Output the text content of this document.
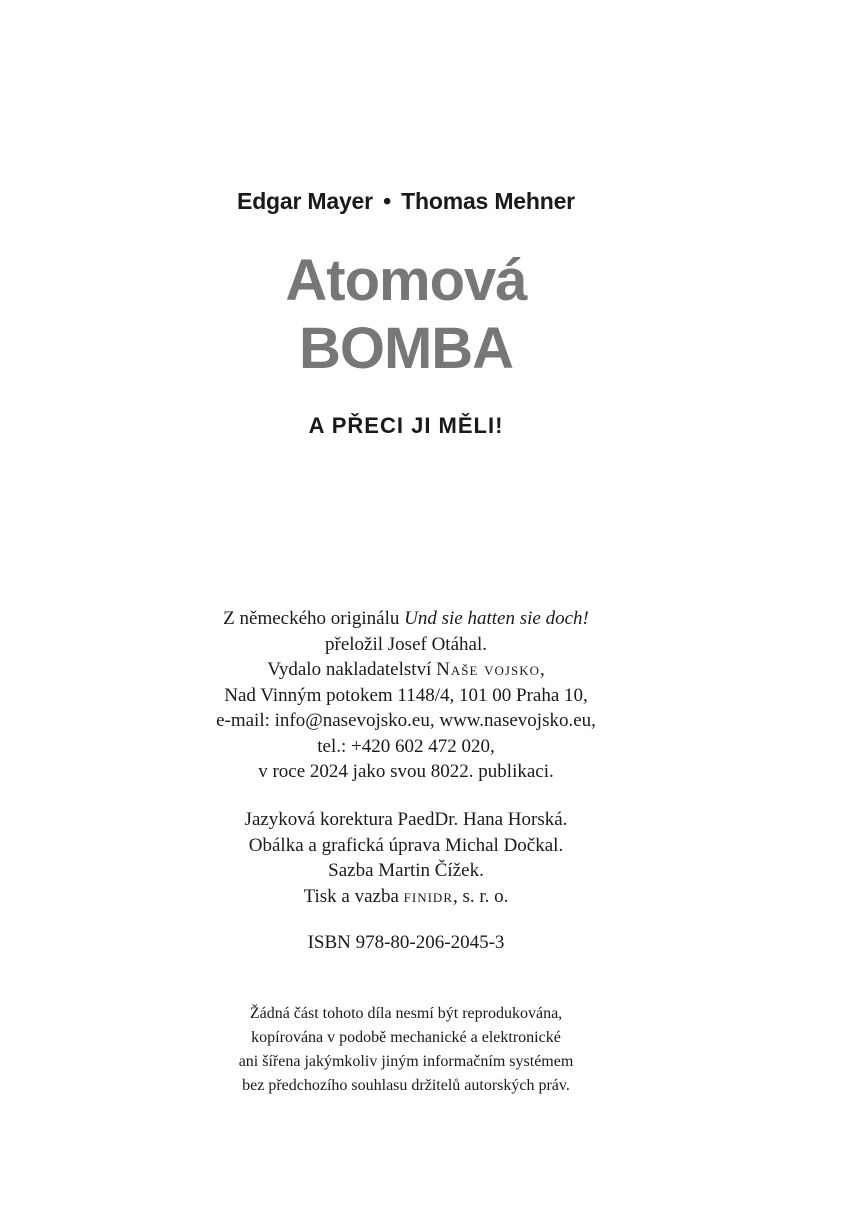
Edgar Mayer • Thomas Mehner
Atomová
BOMBA
A PŘECI JI MĚLI!
Z německého originálu Und sie hatten sie doch!
přeložil Josef Otáhal.
Vydalo nakladatelství Naše vojsko,
Nad Vinným potokem 1148/4, 101 00 Praha 10,
e-mail: info@nasevojsko.eu, www.nasevojsko.eu,
tel.: +420 602 472 020,
v roce 2024 jako svou 8022. publikaci.
Jazyková korektura PaedDr. Hana Horská.
Obálka a grafická úprava Michal Dočkal.
Sazba Martin Čížek.
Tisk a vazba finidr, s. r. o.
ISBN 978-80-206-2045-3
Žádná část tohoto díla nesmí být reprodukována,
kopírována v podobě mechanické a elektronické
ani šířena jakýmkoliv jiným informačním systémem
bez předchozího souhlasu držitelů autorských práv.
